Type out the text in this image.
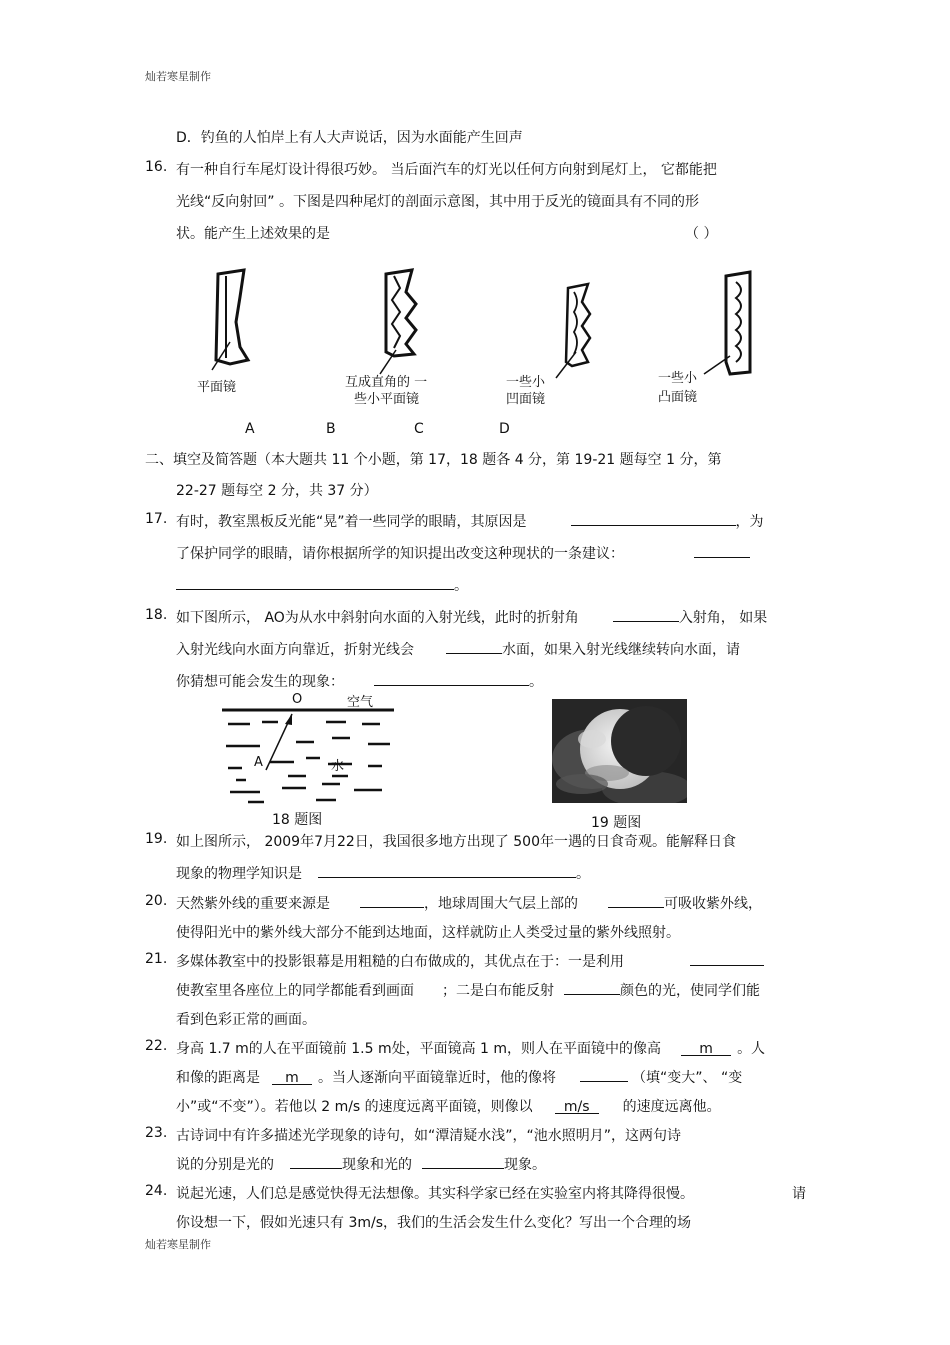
灿若寒星制作
灿若寒星制作
D．钓鱼的人怕岸上有人大声说话，因为水面能产生回声
16. 有一种自行车尾灯设计得很巧妙。 当后面汽车的灯光以任何方向射到尾灯上， 它都能把
光线“反向射回” 。下图是四种尾灯的剖面示意图，其中用于反光的镜面具有不同的形
状。能产生上述效果的是	（ ）
平面镜	互成直角的 一
些小平面镜
一些小
凹面镜
一些小
凸面镜
A	B	C	D
二、填空及简答题（本大题共 11 个小题，第 17，18 题各 4 分，第 19-21 题每空 1 分，第
22-27 题每空 2 分，共 37 分）
17. 有时，教室黑板反光能“晃”着一些同学的眼睛，其原因是	，为
了保护同学的眼睛，请你根据所学的知识提出改变这种现状的一条建议：
。
18. 如下图所示， AO为从水中斜射向水面的入射光线，此时的折射角	入射角， 如果
入射光线向水面方向靠近，折射光线会	水面，如果入射光线继续转向水面，请
你猜想可能会发生的现象：	。
O	空气
A	水
18 题图	19 题图
19. 如上图所示， 2009年7月22日，我国很多地方出现了 500年一遇的日食奇观。能解释日食
现象的物理学知识是	。
20. 天然紫外线的重要来源是	，地球周围大气层上部的	可吸收紫外线，
使得阳光中的紫外线大部分不能到达地面，这样就防止人类受过量的紫外线照射。
21. 多媒体教室中的投影银幕是用粗糙的白布做成的，其优点在于：一是利用
使教室里各座位上的同学都能看到画面 ；二是白布能反射	颜色的光，使同学们能
看到色彩正常的画面。
22. 身高 1.7 m的人在平面镜前 1.5 m处，平面镜高 1 m，则人在平面镜中的像高	m 。人
和像的距离是 m 。当人逐渐向平面镜靠近时，他的像将	（填“变大”、 “变
小”或“不变”）。若他以 2 m/s 的速度远离平面镜，则像以 m/s 的速度远离他。
23. 古诗词中有许多描述光学现象的诗句，如“潭清疑水浅”，“池水照明月”，这两句诗
说的分别是光的	现象和光的	现象。
24. 说起光速，人们总是感觉快得无法想像。其实科学家已经在实验室内将其降得很慢。	请
你设想一下，假如光速只有 3m/s，我们的生活会发生什么变化？写出一个合理的场
